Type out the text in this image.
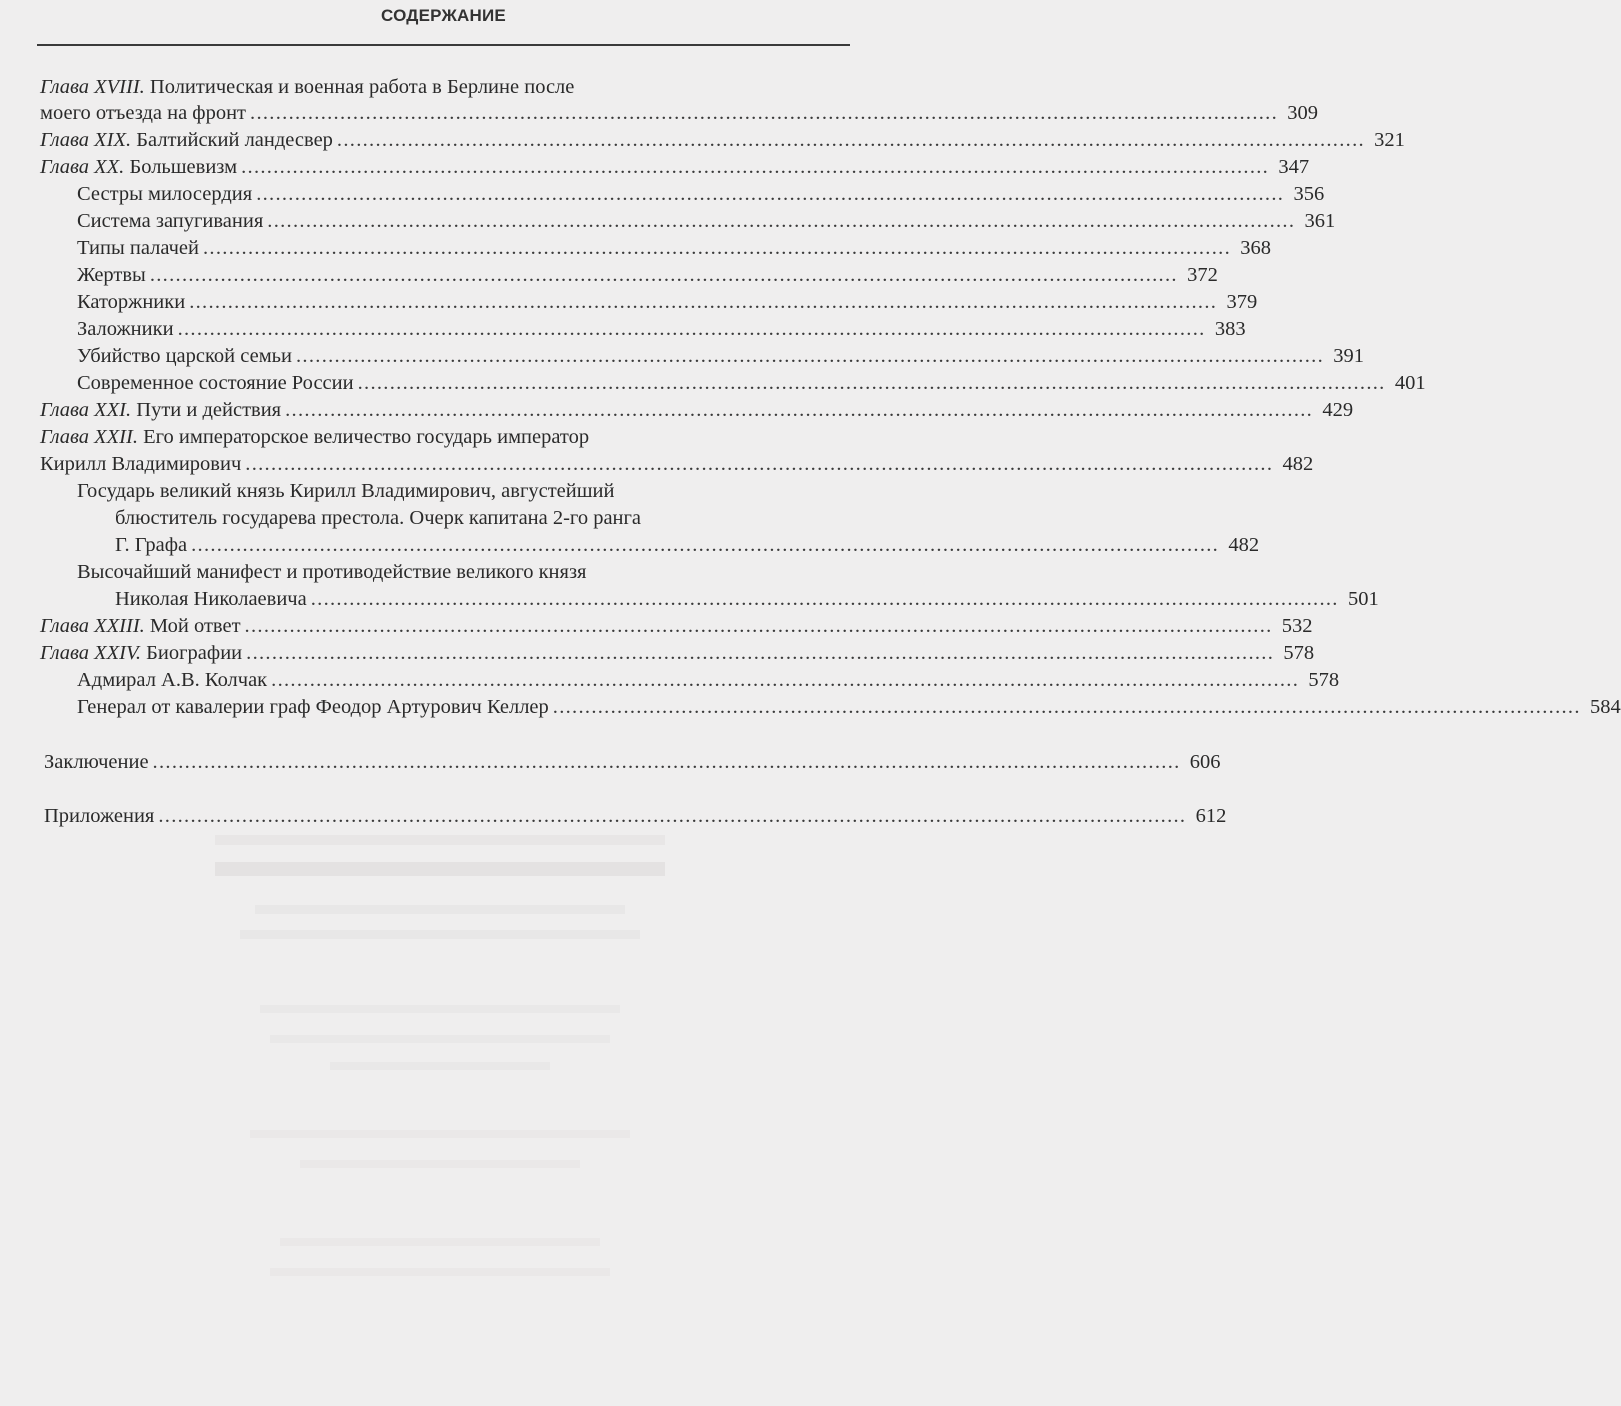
СОДЕРЖАНИЕ
Глава XVIII. Политическая и военная работа в Берлине после
моего отъезда на фронт ................................................................................................................................................................ 309
Глава XIX. Балтийский ландесвер ................................................................................................................................................................ 321
Глава XX. Большевизм ................................................................................................................................................................ 347
Сестры милосердия ................................................................................................................................................................ 356
Система запугивания ................................................................................................................................................................ 361
Типы палачей ................................................................................................................................................................ 368
Жертвы ................................................................................................................................................................ 372
Каторжники ................................................................................................................................................................ 379
Заложники ................................................................................................................................................................ 383
Убийство царской семьи ................................................................................................................................................................ 391
Современное состояние России ................................................................................................................................................................ 401
Глава XXI. Пути и действия ................................................................................................................................................................ 429
Глава XXII. Его императорское величество государь император
Кирилл Владимирович ................................................................................................................................................................ 482
Государь великий князь Кирилл Владимирович, августейший
блюститель государева престола. Очерк капитана 2-го ранга
Г. Графа ................................................................................................................................................................ 482
Высочайший манифест и противодействие великого князя
Николая Николаевича ................................................................................................................................................................ 501
Глава XXIII. Мой ответ ................................................................................................................................................................ 532
Глава XXIV. Биографии ................................................................................................................................................................ 578
Адмирал А.В. Колчак ................................................................................................................................................................ 578
Генерал от кавалерии граф Феодор Артурович Келлер ................................................................................................................................................................ 584
Заключение ................................................................................................................................................................ 606
Приложения ................................................................................................................................................................ 612
